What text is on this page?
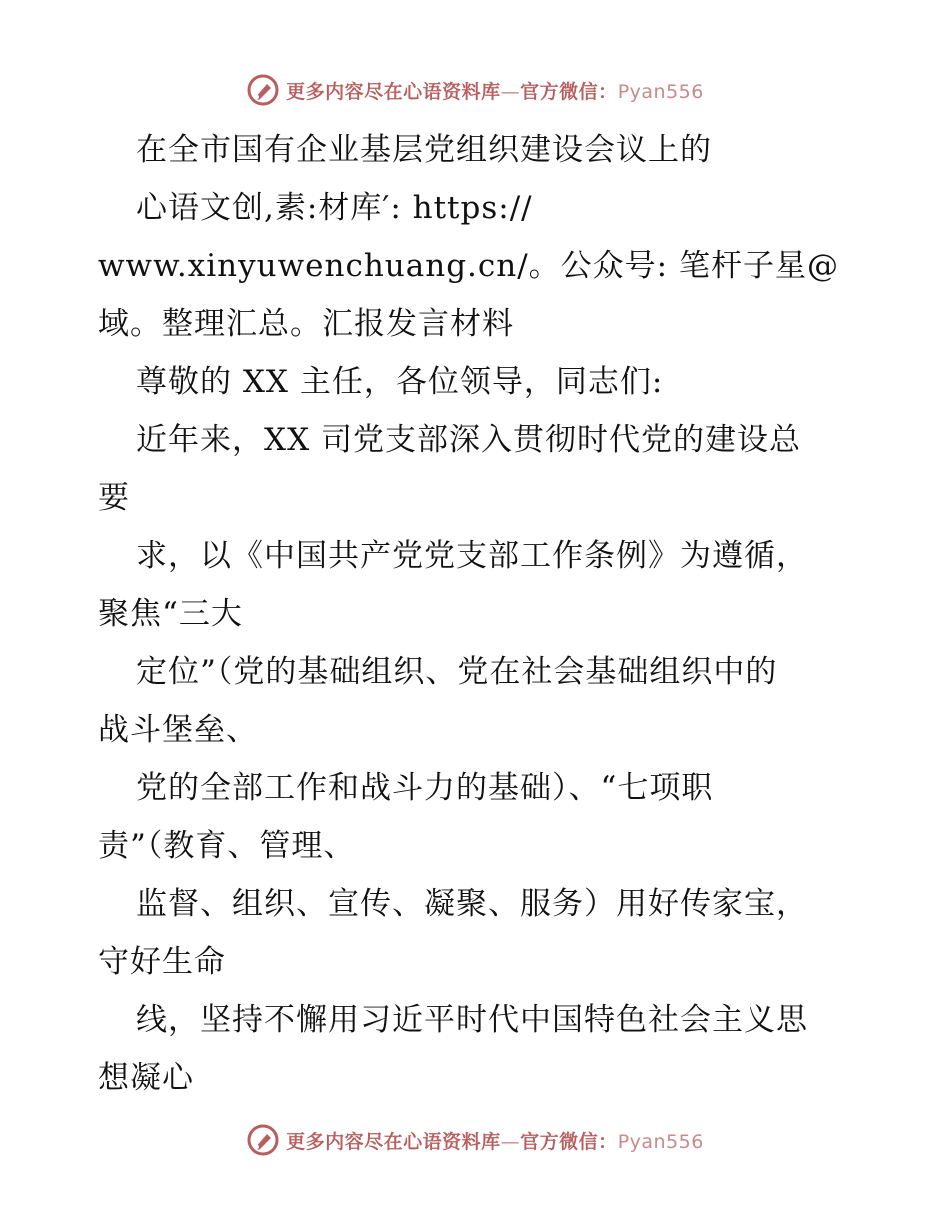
更多内容尽在心语资料库—官方微信：Pyan556
在全市国有企业基层党组织建设会议上的
心语文创,素:材库′: https://
www.xinyuwenchuang.cn/。公众号: 笔杆子星@
域。整理汇总。汇报发言材料
尊敬的 XX 主任，各位领导，同志们:
近年来，XX 司党支部深入贯彻时代党的建设总
要
求，以《中国共产党党支部工作条例》为遵循，
聚焦“三大
定位”（党的基础组织、党在社会基础组织中的
战斗堡垒、
党的全部工作和战斗力的基础）、“七项职
责”（教育、管理、
监督、组织、宣传、凝聚、服务）用好传家宝，
守好生命
线，坚持不懈用习近平时代中国特色社会主义思
想凝心
更多内容尽在心语资料库—官方微信：Pyan556
